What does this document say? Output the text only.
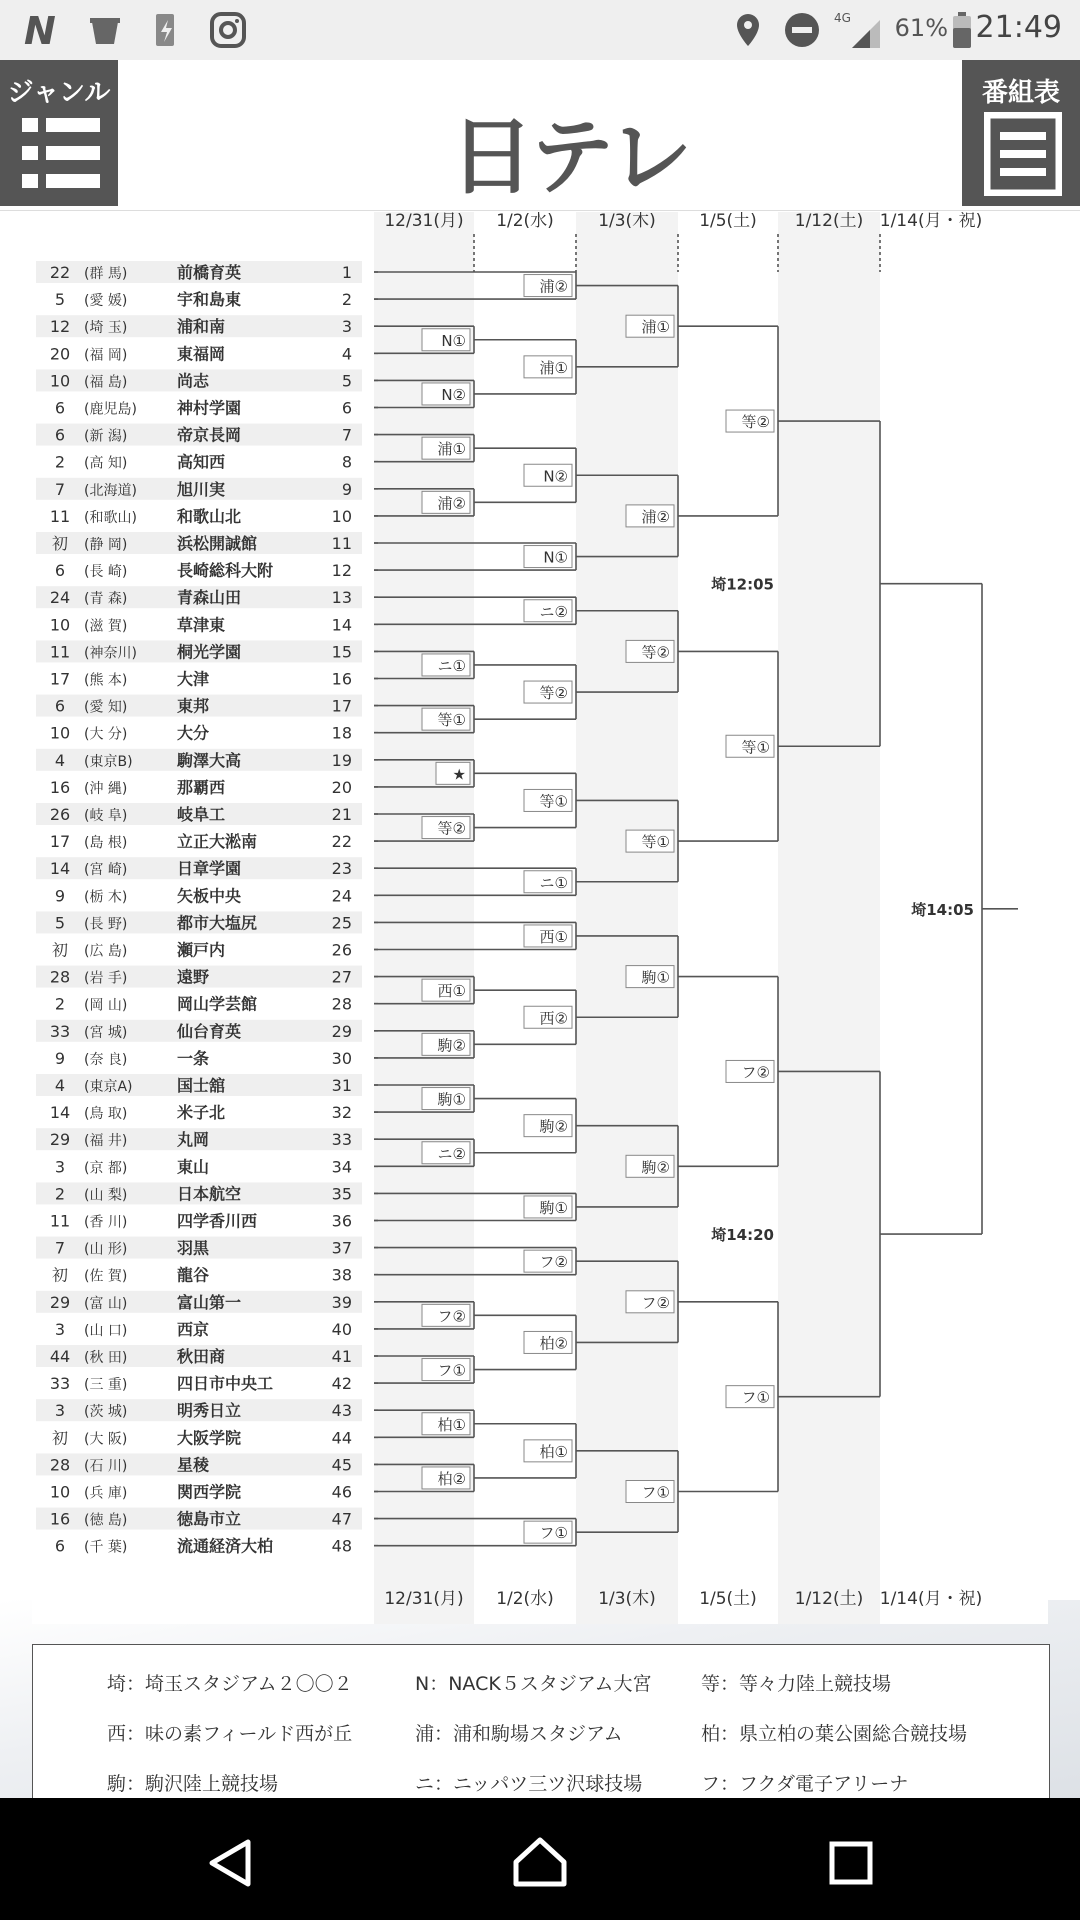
N	4G 61% 21:49
ジャンル
日テレ
番組表
12/31(月)
12/31(月)
1/2(水)
1/2(水)
1/3(木)
1/3(木)
1/5(土)
1/5(土)
1/12(土)
1/12(土)
1/14(月・祝)
1/14(月・祝)
22 (群 馬)	前橋育英	1
5 (愛 媛)	宇和島東	2
12 (埼 玉)	浦和南	3
20 (福 岡)	東福岡	4
10 (福 島)	尚志	5
6 (鹿児島)	神村学園	6
6 (新 潟)	帝京長岡	7
2 (高 知)	高知西	8
7 (北海道)	旭川実	9
11 (和歌山)	和歌山北	10
初 (静 岡)	浜松開誠館	11
6 (長 崎)	長崎総科大附	12
24 (青 森)	青森山田	13
10 (滋 賀)	草津東	14
11 (神奈川)	桐光学園	15
17 (熊 本)	大津	16
6 (愛 知)	東邦	17
10 (大 分)	大分	18
4 (東京B)	駒澤大高	19
16 (沖 縄)	那覇西	20
26 (岐 阜)	岐阜工	21
17 (島 根)	立正大淞南	22
14 (宮 崎)	日章学園	23
9 (栃 木)	矢板中央	24
5 (長 野)	都市大塩尻	25
初 (広 島)	瀬戸内	26
28 (岩 手)	遠野	27
2 (岡 山)	岡山学芸館	28
33 (宮 城)	仙台育英	29
9 (奈 良)	一条	30
4 (東京A)	国士舘	31
14 (鳥 取)	米子北	32
29 (福 井)	丸岡	33
3 (京 都)	東山	34
2 (山 梨)	日本航空	35
11 (香 川)	四学香川西	36
7 (山 形)	羽黒	37
初 (佐 賀)	龍谷	38
29 (富 山)	富山第一	39
3 (山 口)	西京	40
44 (秋 田)	秋田商	41
33 (三 重)	四日市中央工	42
3 (茨 城)	明秀日立	43
初 (大 阪)	大阪学院	44
28 (石 川)	星稜	45
10 (兵 庫)	関西学院	46
16 (徳 島)	徳島市立	47
6 (千 葉)	流通経済大柏	48
N①
N②
浦①
浦②
ニ①
等①
★
等②
西①
駒②
駒①
ニ②
フ②
フ①
柏①
柏②
浦②
浦①
N②
N①
ニ②
等②
等①
ニ①
西①
西②
駒②
駒①
フ②
柏②
柏①
フ①
浦①
浦②
等②
等①
駒①
駒②
フ②
フ①
等②
等①
フ②
フ①
埼12:05
埼14:20
埼14:05
埼：埼玉スタジアム２〇〇２	N：NACK５スタジアム大宮	等：等々力陸上競技場
西：味の素フィールド西が丘	浦：浦和駒場スタジアム	柏：県立柏の葉公園総合競技場
駒：駒沢陸上競技場	ニ：ニッパツ三ツ沢球技場	フ：フクダ電子アリーナ
